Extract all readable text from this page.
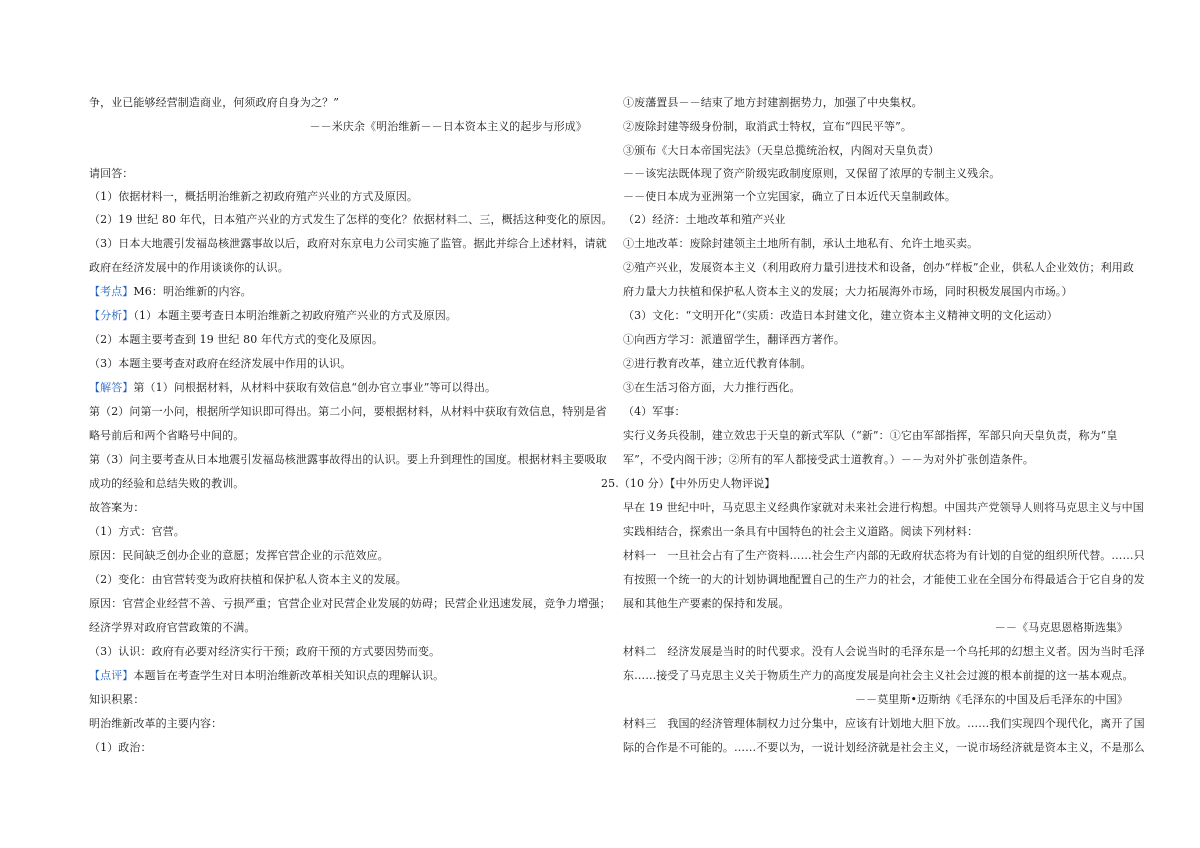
争，业已能够经营制造商业，何须政府自身为之？”
－－米庆余《明治维新－－日本资本主义的起步与形成》
请回答：
（1）依据材料一，概括明治维新之初政府殖产兴业的方式及原因。
（2）19 世纪 80 年代，日本殖产兴业的方式发生了怎样的变化？依据材料二、三，概括这种变化的原因。
（3）日本大地震引发福岛核泄露事故以后，政府对东京电力公司实施了监管。据此并综合上述材料，请就
政府在经济发展中的作用谈谈你的认识。
【考点】M6：明治维新的内容。
【分析】（1）本题主要考查日本明治维新之初政府殖产兴业的方式及原因。
（2）本题主要考查到 19 世纪 80 年代方式的变化及原因。
（3）本题主要考查对政府在经济发展中作用的认识。
【解答】第（1）问根据材料，从材料中获取有效信息“创办官立事业”等可以得出。
第（2）问第一小问，根据所学知识即可得出。第二小问，要根据材料，从材料中获取有效信息，特别是省
略号前后和两个省略号中间的。
第（3）问主要考查从日本地震引发福岛核泄露事故得出的认识。要上升到理性的国度。根据材料主要吸取
成功的经验和总结失败的教训。
故答案为：
（1）方式：官营。
原因：民间缺乏创办企业的意愿；发挥官营企业的示范效应。
（2）变化：由官营转变为政府扶植和保护私人资本主义的发展。
原因：官营企业经营不善、亏损严重；官营企业对民营企业发展的妨碍；民营企业迅速发展，竞争力增强；
经济学界对政府官营政策的不满。
（3）认识：政府有必要对经济实行干预；政府干预的方式要因势而变。
【点评】本题旨在考查学生对日本明治维新改革相关知识点的理解认识。
知识积累：
明治维新改革的主要内容：
（1）政治：
①废藩置县－－结束了地方封建割据势力，加强了中央集权。
②废除封建等级身份制，取消武士特权，宣布“四民平等”。
③颁布《大日本帝国宪法》（天皇总揽统治权，内阁对天皇负责）
－－该宪法既体现了资产阶级宪政制度原则，又保留了浓厚的专制主义残余。
－－使日本成为亚洲第一个立宪国家，确立了日本近代天皇制政体。
（2）经济：土地改革和殖产兴业
①土地改革：废除封建领主土地所有制，承认土地私有、允许土地买卖。
②殖产兴业，发展资本主义（利用政府力量引进技术和设备，创办“样板”企业，供私人企业效仿；利用政
府力量大力扶植和保护私人资本主义的发展；大力拓展海外市场，同时积极发展国内市场。）
（3）文化：“文明开化”（实质：改造日本封建文化，建立资本主义精神文明的文化运动）
①向西方学习：派遣留学生，翻译西方著作。
②进行教育改革，建立近代教育体制。
③在生活习俗方面，大力推行西化。
（4）军事：
实行义务兵役制，建立效忠于天皇的新式军队（“新”：①它由军部指挥，军部只向天皇负责，称为“皇
军”，不受内阁干涉；②所有的军人都接受武士道教育。）－－为对外扩张创造条件。
25.（10 分）【中外历史人物评说】
早在 19 世纪中叶，马克思主义经典作家就对未来社会进行构想。中国共产党领导人则将马克思主义与中国
实践相结合，探索出一条具有中国特色的社会主义道路。阅读下列材料：
材料一　一旦社会占有了生产资料……社会生产内部的无政府状态将为有计划的自觉的组织所代替。……只
有按照一个统一的大的计划协调地配置自己的生产力的社会，才能使工业在全国分布得最适合于它自身的发
展和其他生产要素的保持和发展。
－－《马克思恩格斯选集》
材料二　经济发展是当时的时代要求。没有人会说当时的毛泽东是一个乌托邦的幻想主义者。因为当时毛泽
东……接受了马克思主义关于物质生产力的高度发展是向社会主义社会过渡的根本前提的这一基本观点。
－－莫里斯•迈斯纳《毛泽东的中国及后毛泽东的中国》
材料三　我国的经济管理体制权力过分集中，应该有计划地大胆下放。……我们实现四个现代化，离开了国
际的合作是不可能的。……不要以为，一说计划经济就是社会主义，一说市场经济就是资本主义，不是那么
